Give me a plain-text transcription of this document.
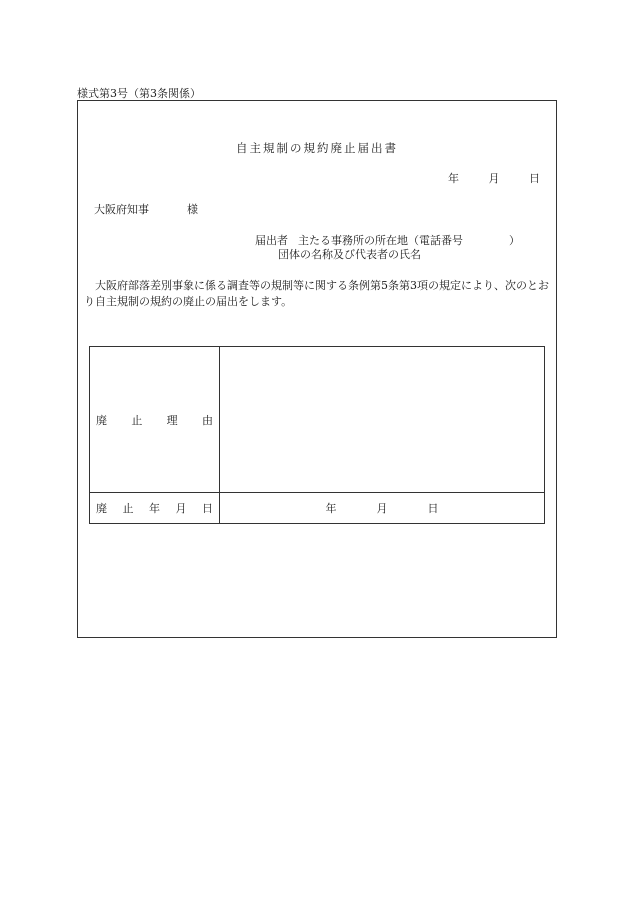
様式第3号（第3条関係）
自主規制の規約廃止届出書
年	月	日
大阪府知事	様
届出者 主たる事務所の所在地（電話番号	）
団体の名称及び代表者の氏名
大阪府部落差別事象に係る調査等の規制等に関する条例第5条第3項の規定により、次のとおり自主規制の規約の廃止の届出をします。
廃 止 理 由	

廃 止 年 月 日	年 月 日
